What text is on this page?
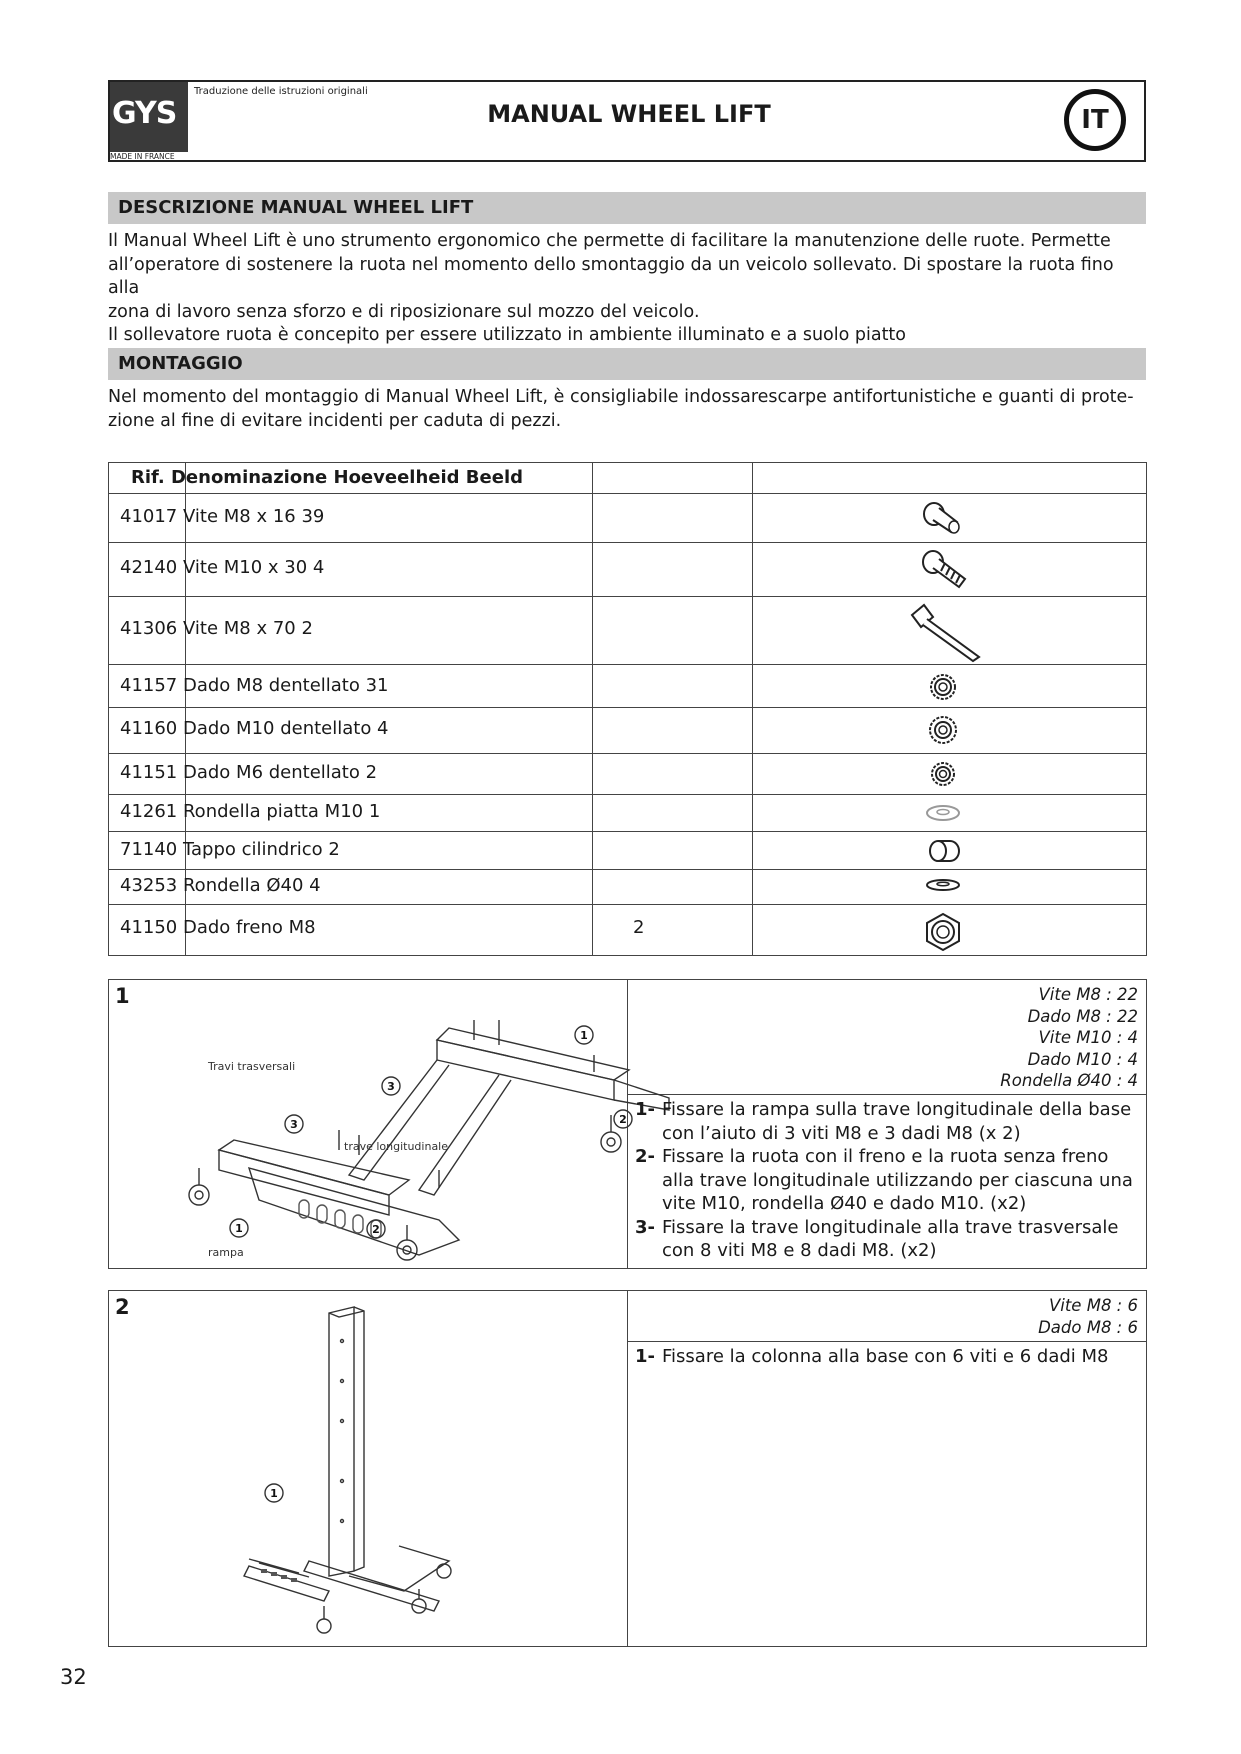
GYS
MADE IN FRANCE
Traduzione delle istruzioni originali
MANUAL WHEEL LIFT	IT
DESCRIZIONE MANUAL WHEEL LIFT
Il Manual Wheel Lift è uno strumento ergonomico che permette di facilitare la manutenzione delle ruote. Permette
all’operatore di sostenere la ruota nel momento dello smontaggio da un veicolo sollevato. Di spostare la ruota fino alla
zona di lavoro senza sforzo e di riposizionare sul mozzo del veicolo.
Il sollevatore ruota è concepito per essere utilizzato in ambiente illuminato e a suolo piatto
MONTAGGIO
Nel momento del montaggio di Manual Wheel Lift, è consigliabile indossarescarpe antifortunistiche e guanti di prote-
zione al fine di evitare incidenti per caduta di pezzi.
Rif. Denominazione Hoeveelheid Beeld
41017 Vite M8 x 16 39
42140 Vite M10 x 30 4
41306 Vite M8 x 70 2
41157 Dado M8 dentellato 31
41160 Dado M10 dentellato 4
41151 Dado M6 dentellato 2
41261 Rondella piatta M10 1
71140 Tappo cilindrico 2
43253 Rondella Ø40 4
41150 Dado freno M8	2
1
1
3
3	2
1	2
Travi trasversali
trave longitudinale
rampa
Vite M8 : 22
Dado M8 : 22
Vite M10 : 4
Dado M10 : 4
Rondella Ø40 : 4
1- Fissare la rampa sulla trave longitudinale della base con l’aiuto di 3 viti M8 e 3 dadi M8 (x 2)
2- Fissare la ruota con il freno e la ruota senza freno alla trave longitudinale utilizzando per ciascuna una vite M10, rondella Ø40 e dado M10. (x2)
3- Fissare la trave longitudinale alla trave trasversale con 8 viti M8 e 8 dadi M8. (x2)
2
1
Vite M8 : 6
Dado M8 : 6
1- Fissare la colonna alla base con 6 viti e 6 dadi M8
32
